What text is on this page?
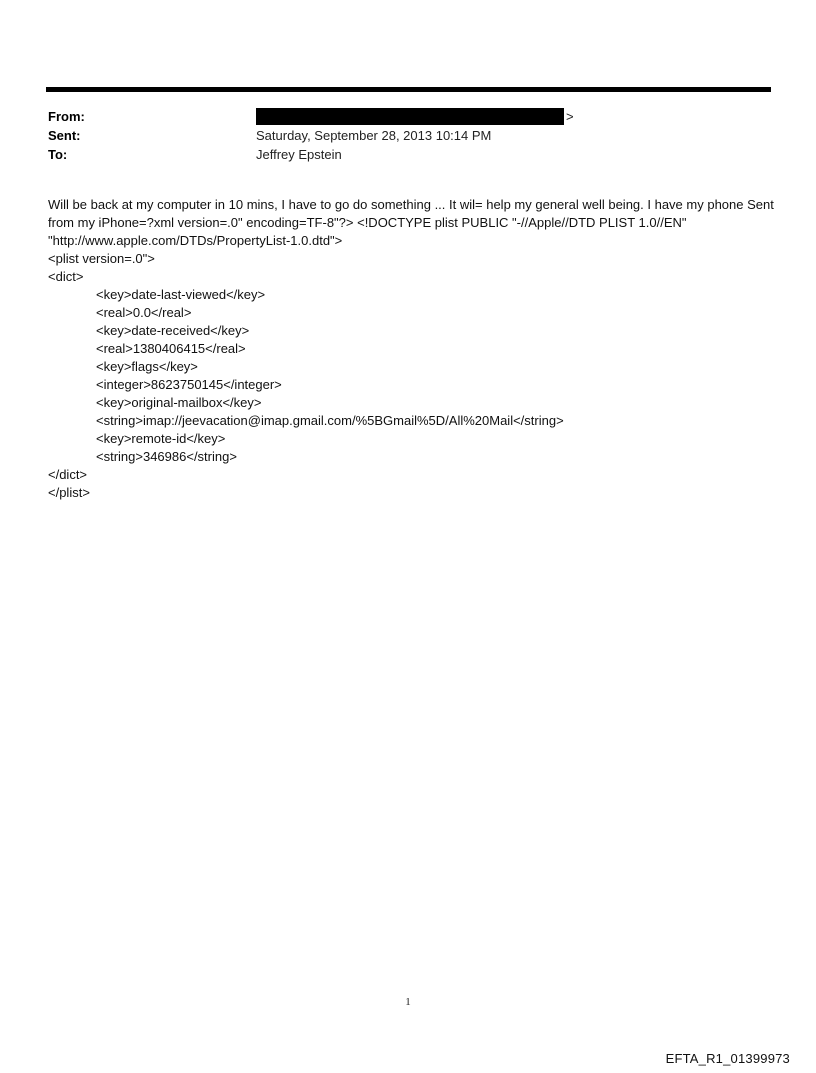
From:	>
Sent:	Saturday, September 28, 2013 10:14 PM
To:	Jeffrey Epstein

Will be back at my computer in 10 mins, I have to go do something ... It wil= help my general well being. I have my phone Sent from my iPhone=?xml version=.0" encoding=TF-8"?> <!DOCTYPE plist PUBLIC "-//Apple//DTD PLIST 1.0//EN" "http://www.apple.com/DTDs/PropertyList-1.0.dtd">

<plist version=.0">
<dict>
<key>date-last-viewed</key>
<real>0.0</real>
<key>date-received</key>
<real>1380406415</real>
<key>flags</key>
<integer>8623750145</integer>
<key>original-mailbox</key>
<string>imap://jeevacation@imap.gmail.com/%5BGmail%5D/All%20Mail</string>
<key>remote-id</key>
<string>346986</string>
</dict>
</plist>
1
EFTA_R1_01399973
